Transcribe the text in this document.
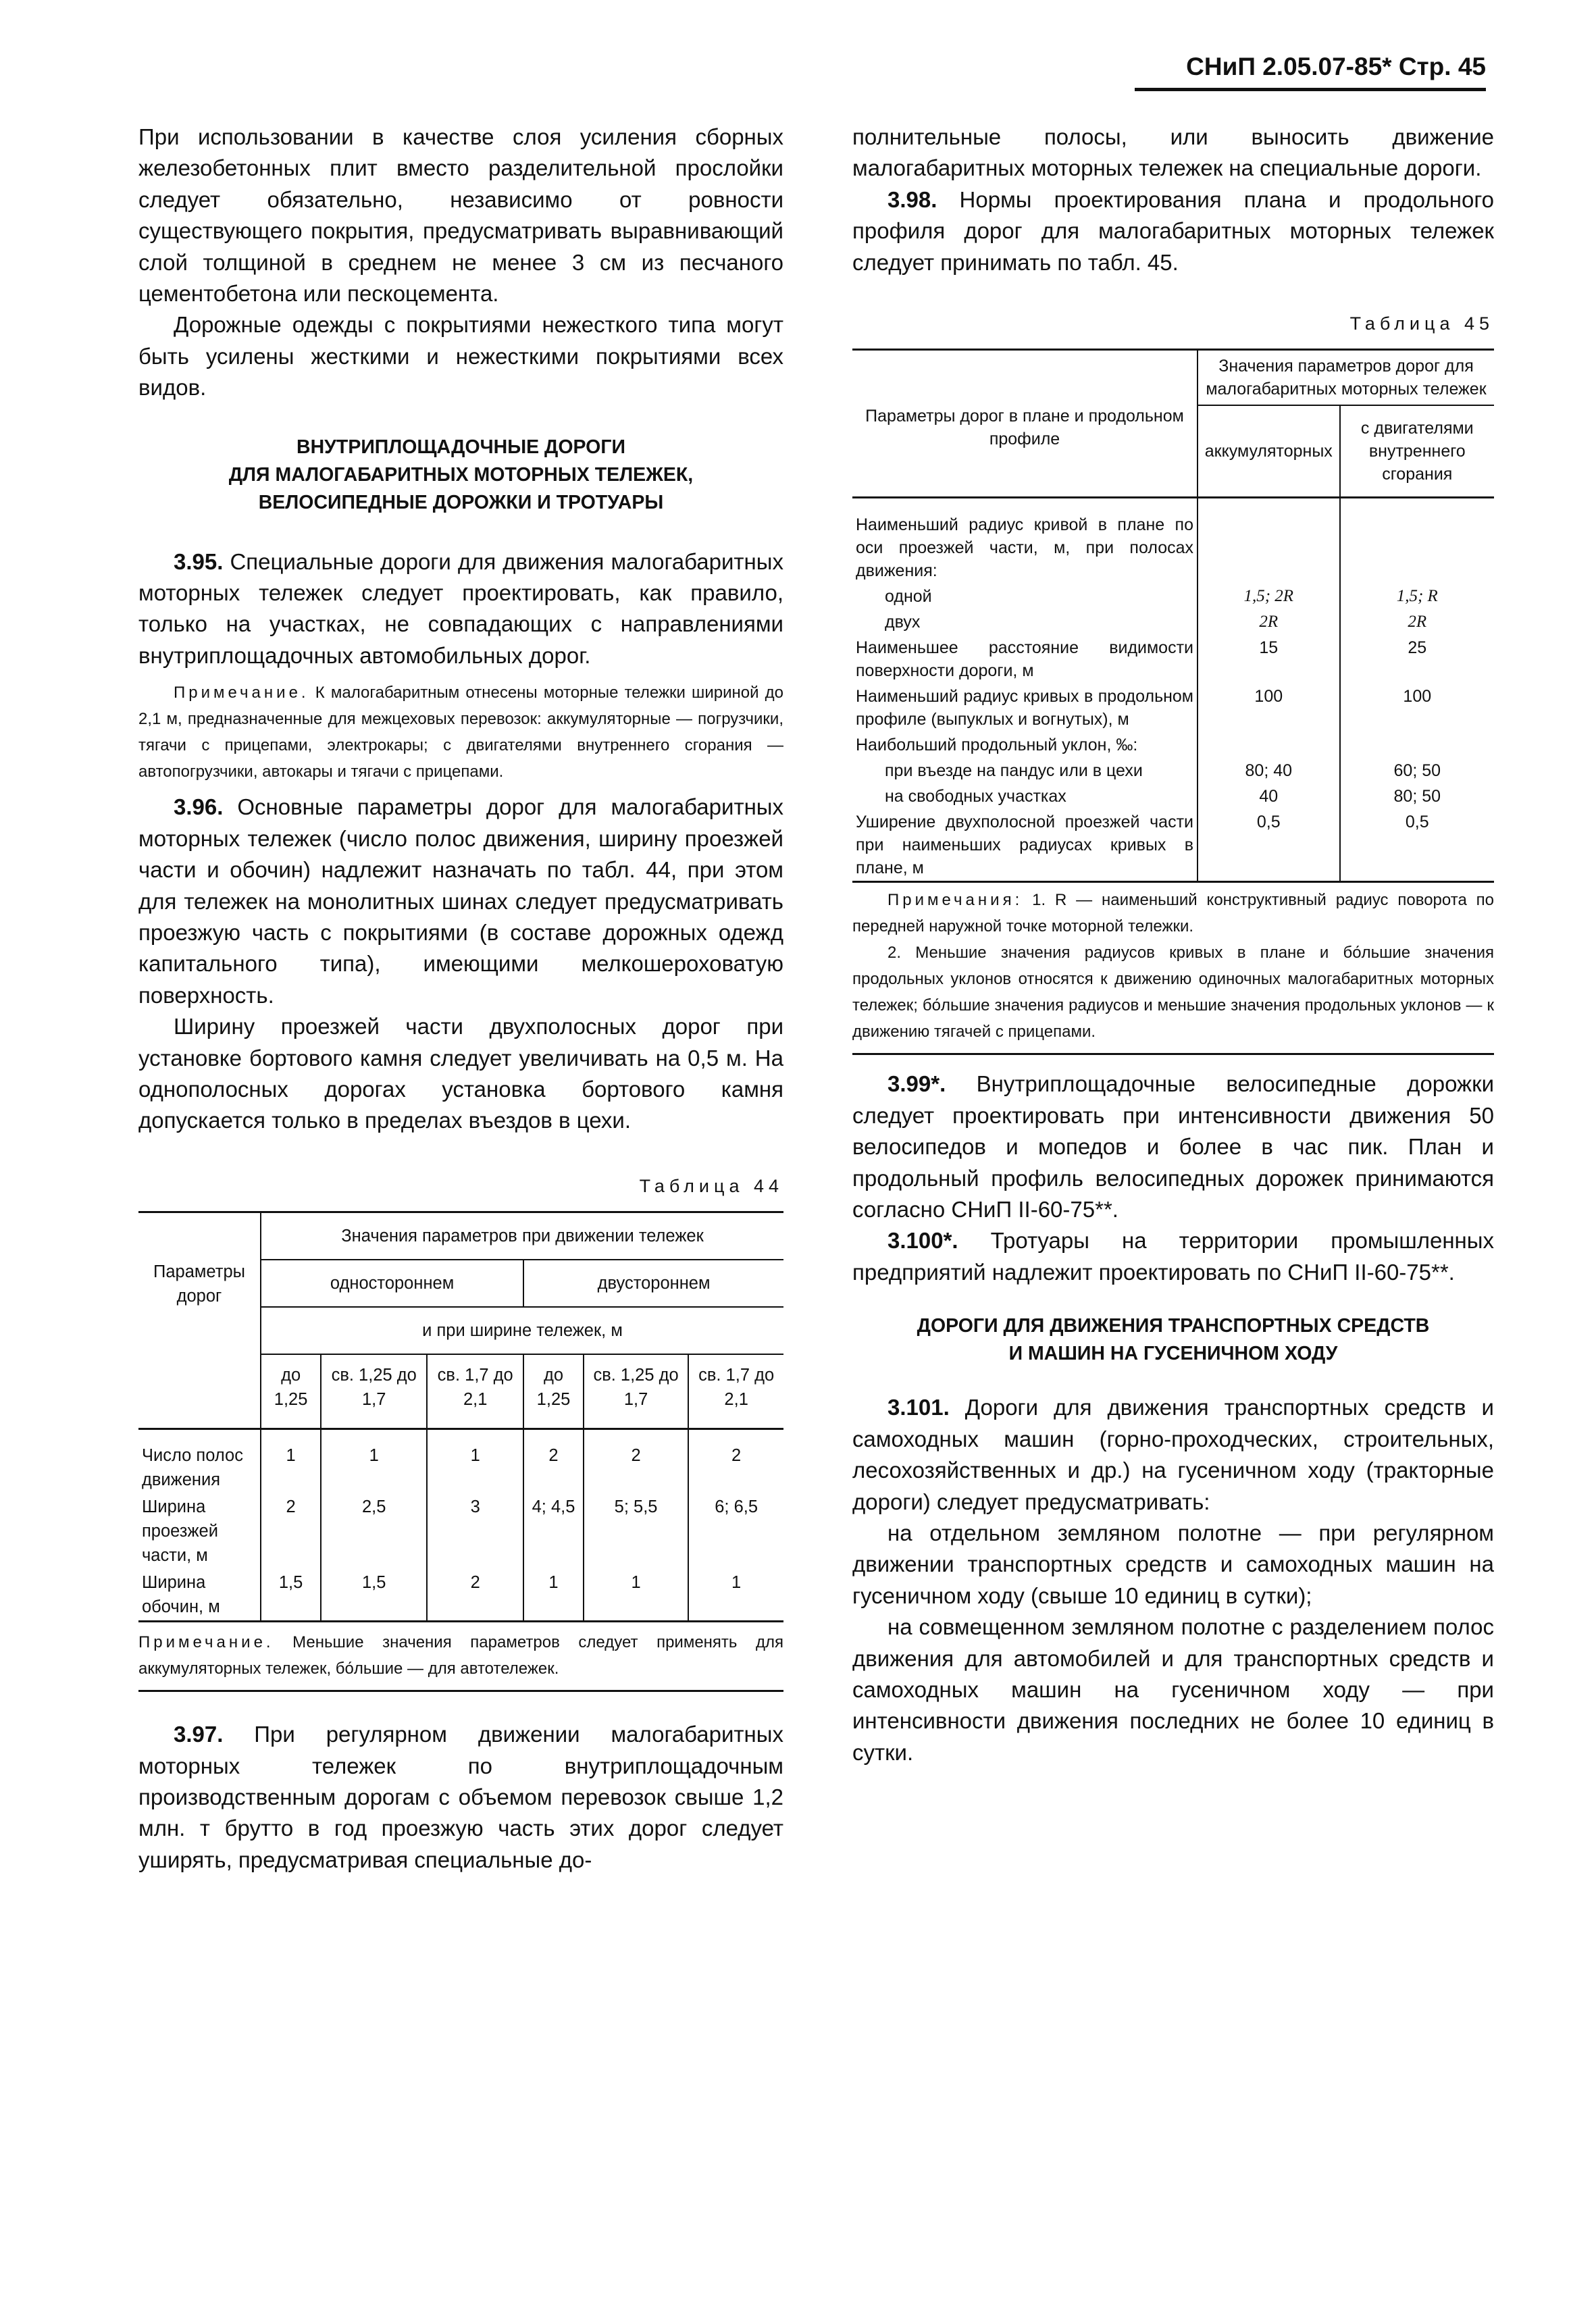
СНиП 2.05.07-85* Стр. 45

При использовании в качестве слоя усиления сборных железобетонных плит вместо разделительной прослойки следует обязательно, независимо от ровности существующего покрытия, предусматривать выравнивающий слой толщиной в среднем не менее 3 см из песчаного цементобетона или пескоцемента.

Дорожные одежды с покрытиями нежесткого типа могут быть усилены жесткими и нежесткими покрытиями всех видов.

ВНУТРИПЛОЩАДОЧНЫЕ ДОРОГИ

ДЛЯ МАЛОГАБАРИТНЫХ МОТОРНЫХ ТЕЛЕЖЕК,

ВЕЛОСИПЕДНЫЕ ДОРОЖКИ И ТРОТУАРЫ

3.95. Специальные дороги для движения малогабаритных моторных тележек следует проектировать, как правило, только на участках, не совпадающих с направлениями внутриплощадочных автомобильных дорог.

Примечание. К малогабаритным отнесены моторные тележки шириной до 2,1 м, предназначенные для межцеховых перевозок: аккумуляторные — погрузчики, тягачи с прицепами, электрокары; с двигателями внутреннего сгорания — автопогрузчики, автокары и тягачи с прицепами.

3.96. Основные параметры дорог для малогабаритных моторных тележек (число полос движения, ширину проезжей части и обочин) надлежит назначать по табл. 44, при этом для тележек на монолитных шинах следует предусматривать проезжую часть с покрытиями (в составе дорожных одежд капитального типа), имеющими мелкошероховатую поверхность.

Ширину проезжей части двухполосных дорог при установке бортового камня следует увеличивать на 0,5 м. На однополосных дорогах установка бортового камня допускается только в пределах въездов в цехи.

Таблица 44

Параметры дорог	Значения параметров при движении тележек					
	одностороннем			двустороннем		
	и при ширине тележек, м					
	до 1,25	св. 1,25 до 1,7	св. 1,7 до 2,1	до 1,25	св. 1,25 до 1,7	св. 1,7 до 2,1
Число полос движения	1	1	1	2	2	2
Ширина проезжей части, м	2	2,5	3	4; 4,5	5; 5,5	6; 6,5
Ширина обочин, м	1,5	1,5	2	1	1	1

Примечание. Меньшие значения параметров следует применять для аккумуляторных тележек, бо́льшие — для автотележек.

3.97. При регулярном движении малогабаритных моторных тележек по внутриплощадочным производственным дорогам с объемом перевозок свыше 1,2 млн. т брутто в год проезжую часть этих дорог следует уширять, предусматривая специальные до-

полнительные полосы, или выносить движение малогабаритных моторных тележек на специальные дороги.

3.98. Нормы проектирования плана и продольного профиля дорог для малогабаритных моторных тележек следует принимать по табл. 45.

Таблица 45

Параметры дорог в плане и продольном профиле	Значения параметров дорог для малогабаритных моторных тележек	
	аккумуляторных	с двигателями внутреннего сгорания
Наименьший радиус кривой в плане по оси проезжей части, м, при полосах движения:		
одной	1,5; 2R	1,5; R
двух	2R	2R
Наименьшее расстояние видимости поверхности дороги, м	15	25
Наименьший радиус кривых в продольном профиле (выпуклых и вогнутых), м	100	100
Наибольший продольный уклон, ‰:		
при въезде на пандус или в цехи	80; 40	60; 50
на свободных участках	40	80; 50
Уширение двухполосной проезжей части при наименьших радиусах кривых в плане, м	0,5	0,5

Примечания: 1. R — наименьший конструктивный радиус поворота по передней наружной точке моторной тележки.

2. Меньшие значения радиусов кривых в плане и бо́льшие значения продольных уклонов относятся к движению одиночных малогабаритных моторных тележек; бо́льшие значения радиусов и меньшие значения продольных уклонов — к движению тягачей с прицепами.

3.99*. Внутриплощадочные велосипедные дорожки следует проектировать при интенсивности движения 50 велосипедов и мопедов и более в час пик. План и продольный профиль велосипедных дорожек принимаются согласно СНиП II-60-75**.

3.100*. Тротуары на территории промышленных предприятий надлежит проектировать по СНиП II-60-75**.

ДОРОГИ ДЛЯ ДВИЖЕНИЯ ТРАНСПОРТНЫХ СРЕДСТВ

И МАШИН НА ГУСЕНИЧНОМ ХОДУ

3.101. Дороги для движения транспортных средств и самоходных машин (горно-проходческих, строительных, лесохозяйственных и др.) на гусеничном ходу (тракторные дороги) следует предусматривать:

на отдельном земляном полотне — при регулярном движении транспортных средств и самоходных машин на гусеничном ходу (свыше 10 единиц в сутки);

на совмещенном земляном полотне с разделением полос движения для автомобилей и для транспортных средств и самоходных машин на гусеничном ходу — при интенсивности движения последних не более 10 единиц в сутки.
